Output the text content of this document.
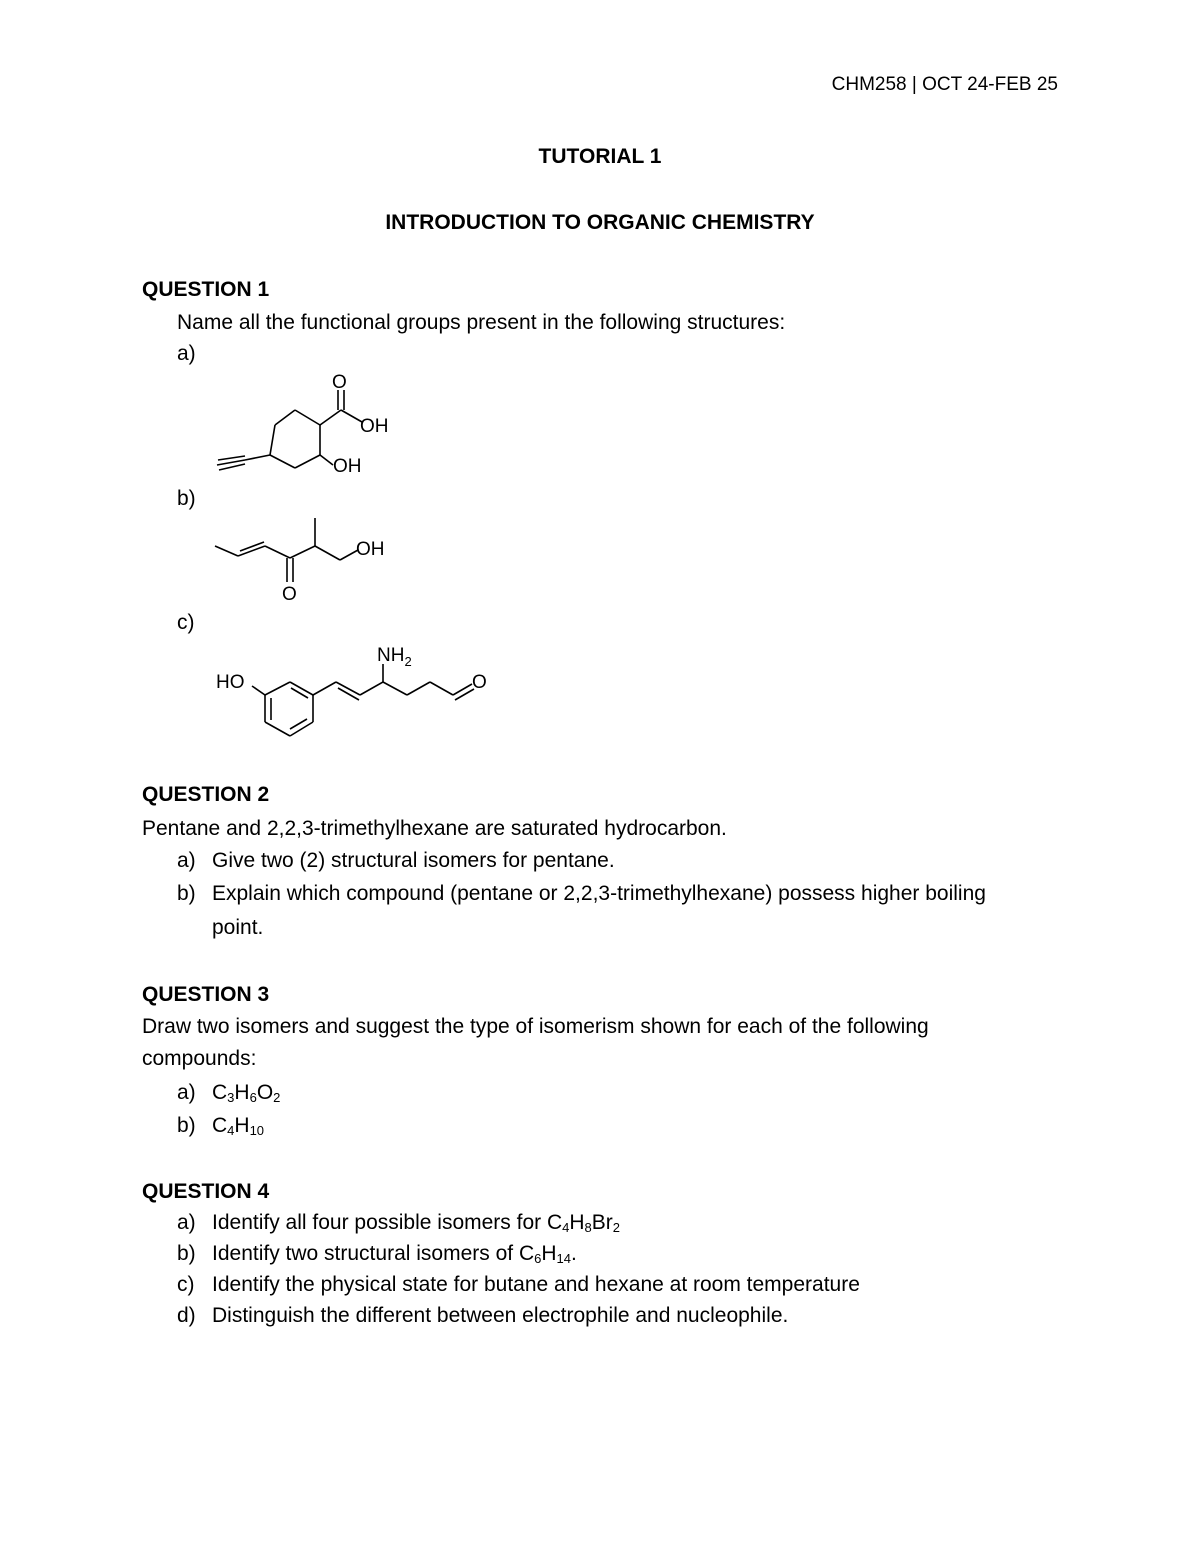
CHM258 | OCT 24-FEB 25
TUTORIAL 1
INTRODUCTION TO ORGANIC CHEMISTRY
QUESTION 1
Name all the functional groups present in the following structures:
a)
O
OH
OH
b)
OH
O
c)
HO
$NH_2$
O
QUESTION 2
Pentane and 2,2,3-trimethylhexane are saturated hydrocarbon.
a) Give two (2) structural isomers for pentane.
b) Explain which compound (pentane or 2,2,3-trimethylhexane) possess higher boiling
point.
QUESTION 3
Draw two isomers and suggest the type of isomerism shown for each of the following
compounds:
a) $C_3H_6O_2$
b) $C_4H_{10}$
QUESTION 4
a) Identify all four possible isomers for $C_4H_8Br_2$
b) Identify two structural isomers of $C_6H_{14}$.
c) Identify the physical state for butane and hexane at room temperature
d) Distinguish the different between electrophile and nucleophile.
